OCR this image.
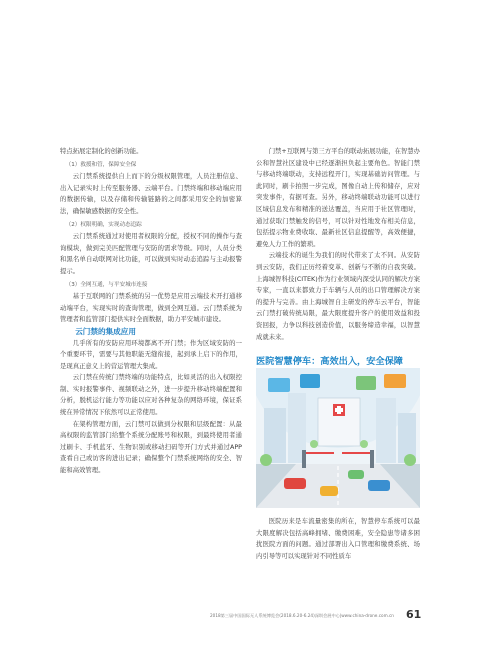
特点拓展定制化的创新功能。

（1）救援和管，保障安全保

云门禁系统提供自上而下的分级权限管理，人员注册信息、出入记录实时上传至服务器、云端平台。门禁终端和移动端应用的数据传输，以及存储和传输链路的之间都采用安全的加密算法，确保敏感数据的安全性。

（2）权限明确，实现动态追踪

云门禁系统通过对使用者权限的分配，授权不同的操作与查询模块，做到完美匹配管理与安防的需求等级。同时，人员分类和黑名单自动联网对比功能，可以做到实时动态追踪与主动报警提示。

（3）全网互通，与平安城市连接

基于互联网的门禁系统的另一优势是应用云端技术开打通移动端平台，实现实时的查询管理，做到全网互通。云门禁系统为管理者和监管部门提供实时全面数据，助力平安城市建设。

云门禁的集成应用

几乎所有的安防应用环境都离不开门禁；作为区域安防的一个重要环节，需要与其他职能无缝衔接，起到承上启下的作用，是现真正意义上的营运管理大集成。

云门禁在传统门禁终端的功能特点，比如灵活的出入权限控制、实时报警事件、视频联动之外，进一步提升移动终端配置和分析，脱机运行能力等功能以应对各种复杂的网络环境，保证系统在异常情况下依然可以正常使用。

在架构管理方面，云门禁可以做到分权限和层级配置：从最高权限的监管部门给整个系统分配账号和权限，到最终使用者通过刷卡、手机蓝牙、生物识别或移动扫码等开门方式并通过APP查看自己或访客的进出记录；确保整个门禁系统网络的安全、智能和高效管理。

门禁+互联网与第三方平台的联动拓展功能，在智慧办公和智慧社区建设中已经逐渐担负起主要角色。智能门禁与移动终端联动，支持远程开门，实现基础访问管理。与此同时，刷卡拍照一步完成，图像自动上传和储存，应对突发事件，有据可查。另外，移动终端联动功能可以进行区域信息发布和精准的送达覆盖，当应用于社区管理时，通过获取门禁触发的信号，可以针对性地发布相关信息，包括提示物业费收取、最新社区信息提醒等，高效便捷，避免人力工作的繁琐。

云端技术的诞生为我们的时代带来了太不同。从安防到云安防，我们正历经着变革、创新与不断的自我突破。上海城智科技(CITEK)作为行业领域内深受认同的解决方案专家，一直以来都致力于车辆与人员的出口管理解决方案的提升与完善。由上海城智自主研发的停车云平台，智能云门禁打破传统局限，最大限度提升客户的使用效益和投资回报，力争以科技创造价值，以服务缔造幸福，以智慧成就未来。

医院智慧停车：高效出入，安全保障

医院历来是车流量密集的所在，智慧停车系统可以最大限度解决包括高峰拥堵、缴费困难，安全隐患等诸多困扰医院方面的问题。通过部署出入口管理和缴费系统、场内引导等可以实现针对不同性质车

2018第三届中国国际无人系统博览会(2018.6.20-6.24)深圳会展中心|www.china-drone.com.cn 61
